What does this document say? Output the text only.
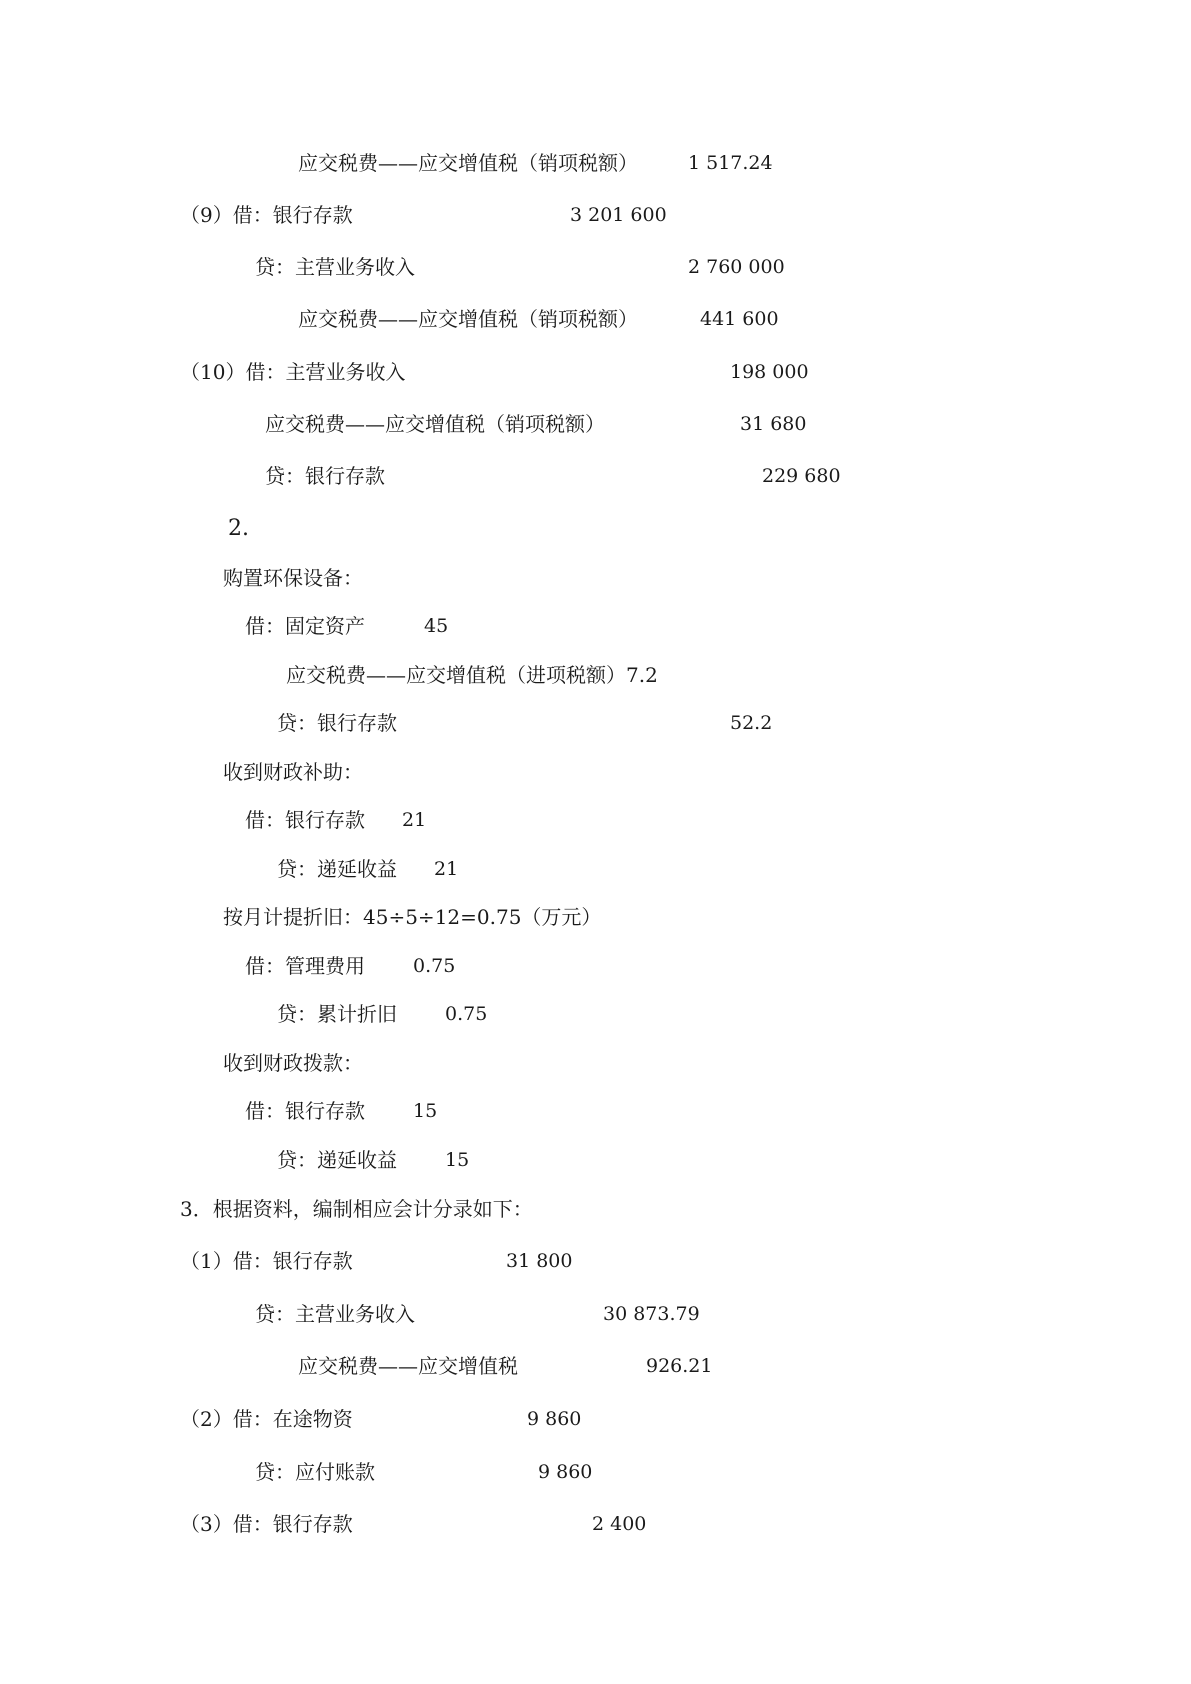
应交税费——应交增值税（销项税额）	1 517.24
（9）借：银行存款	3 201 600
贷：主营业务收入	2 760 000
应交税费——应交增值税（销项税额）	441 600
（10）借：主营业务收入	198 000
应交税费——应交增值税（销项税额）	31 680
贷：银行存款	229 680
2.
购置环保设备：
借：固定资产	45
应交税费——应交增值税（进项税额）7.2
贷：银行存款	52.2
收到财政补助：
借：银行存款 21
贷：递延收益 21
按月计提折旧：45÷5÷12=0.75（万元）
借：管理费用	0.75
贷：累计折旧	0.75
收到财政拨款：
借：银行存款	15
贷：递延收益	15
3．根据资料，编制相应会计分录如下：
（1）借：银行存款	31 800
贷：主营业务收入	30 873.79
应交税费——应交增值税	926.21
（2）借：在途物资	9 860
贷：应付账款	9 860
（3）借：银行存款	2 400
